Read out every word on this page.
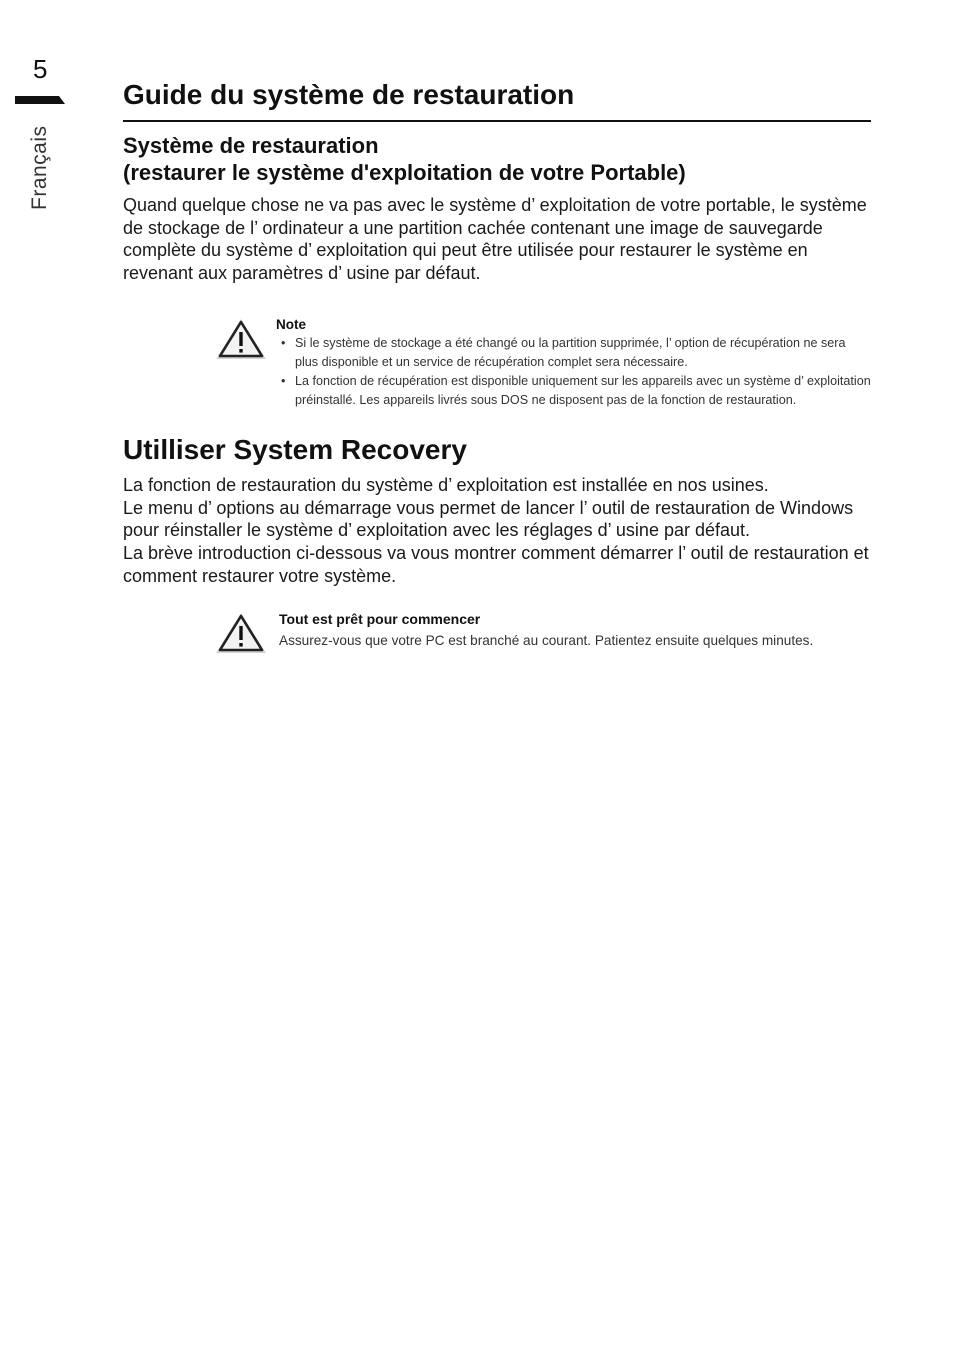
5
Français
Guide du système de restauration
Système de restauration
(restaurer le système d'exploitation de votre Portable)

Quand quelque chose ne va pas avec le système d’ exploitation de votre portable, le système de stockage de l’ ordinateur a une partition cachée contenant une image de sauvegarde complète du système d’ exploitation qui peut être utilisée pour restaurer le système en revenant aux paramètres d’ usine par défaut.

Note
• Si le système de stockage a été changé ou la partition supprimée, l’ option de récupération ne sera plus disponible et un service de récupération complet sera nécessaire.
• La fonction de récupération est disponible uniquement sur les appareils avec un système d’ exploitation préinstallé. Les appareils livrés sous DOS ne disposent pas de la fonction de restauration.
Utilliser System Recovery

La fonction de restauration du système d’ exploitation est installée en nos usines.

Le menu d’ options au démarrage vous permet de lancer l’ outil de restauration de Windows pour réinstaller le système d’ exploitation avec les réglages d’ usine par défaut.

La brève introduction ci-dessous va vous montrer comment démarrer l’ outil de restauration et comment restaurer votre système.

Tout est prêt pour commencer
Assurez-vous que votre PC est branché au courant. Patientez ensuite quelques minutes.
